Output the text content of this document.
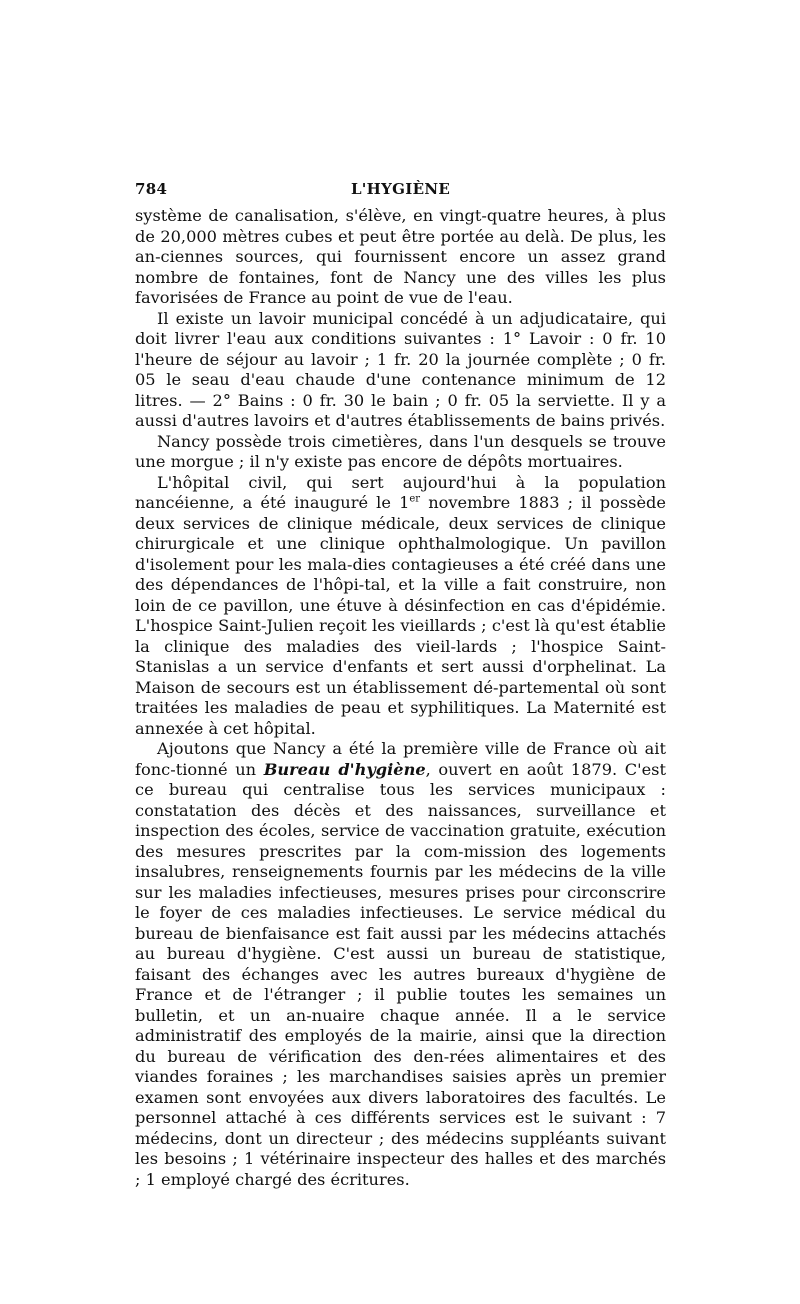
784	L'HYGIÈNE

système de canalisation, s'élève, en vingt-quatre heures, à plus de 20,000 mètres cubes et peut être portée au delà. De plus, les an-ciennes sources, qui fournissent encore un assez grand nombre de fontaines, font de Nancy une des villes les plus favorisées de France au point de vue de l'eau.

Il existe un lavoir municipal concédé à un adjudicataire, qui doit livrer l'eau aux conditions suivantes : 1° Lavoir : 0 fr. 10 l'heure de séjour au lavoir ; 1 fr. 20 la journée complète ; 0 fr. 05 le seau d'eau chaude d'une contenance minimum de 12 litres. — 2° Bains : 0 fr. 30 le bain ; 0 fr. 05 la serviette. Il y a aussi d'autres lavoirs et d'autres établissements de bains privés.

Nancy possède trois cimetières, dans l'un desquels se trouve une morgue ; il n'y existe pas encore de dépôts mortuaires.

L'hôpital civil, qui sert aujourd'hui à la population nancéienne, a été inauguré le 1er novembre 1883 ; il possède deux services de clinique médicale, deux services de clinique chirurgicale et une clinique ophthalmologique. Un pavillon d'isolement pour les mala-dies contagieuses a été créé dans une des dépendances de l'hôpi-tal, et la ville a fait construire, non loin de ce pavillon, une étuve à désinfection en cas d'épidémie. L'hospice Saint-Julien reçoit les vieillards ; c'est là qu'est établie la clinique des maladies des vieil-lards ; l'hospice Saint-Stanislas a un service d'enfants et sert aussi d'orphelinat. La Maison de secours est un établissement dé-partemental où sont traitées les maladies de peau et syphilitiques. La Maternité est annexée à cet hôpital.

Ajoutons que Nancy a été la première ville de France où ait fonc-tionné un Bureau d'hygiène, ouvert en août 1879. C'est ce bureau qui centralise tous les services municipaux : constatation des décès et des naissances, surveillance et inspection des écoles, service de vaccination gratuite, exécution des mesures prescrites par la com-mission des logements insalubres, renseignements fournis par les médecins de la ville sur les maladies infectieuses, mesures prises pour circonscrire le foyer de ces maladies infectieuses. Le service médical du bureau de bienfaisance est fait aussi par les médecins attachés au bureau d'hygiène. C'est aussi un bureau de statistique, faisant des échanges avec les autres bureaux d'hygiène de France et de l'étranger ; il publie toutes les semaines un bulletin, et un an-nuaire chaque année. Il a le service administratif des employés de la mairie, ainsi que la direction du bureau de vérification des den-rées alimentaires et des viandes foraines ; les marchandises saisies après un premier examen sont envoyées aux divers laboratoires des facultés. Le personnel attaché à ces différents services est le suivant : 7 médecins, dont un directeur ; des médecins suppléants suivant les besoins ; 1 vétérinaire inspecteur des halles et des marchés ; 1 employé chargé des écritures.
